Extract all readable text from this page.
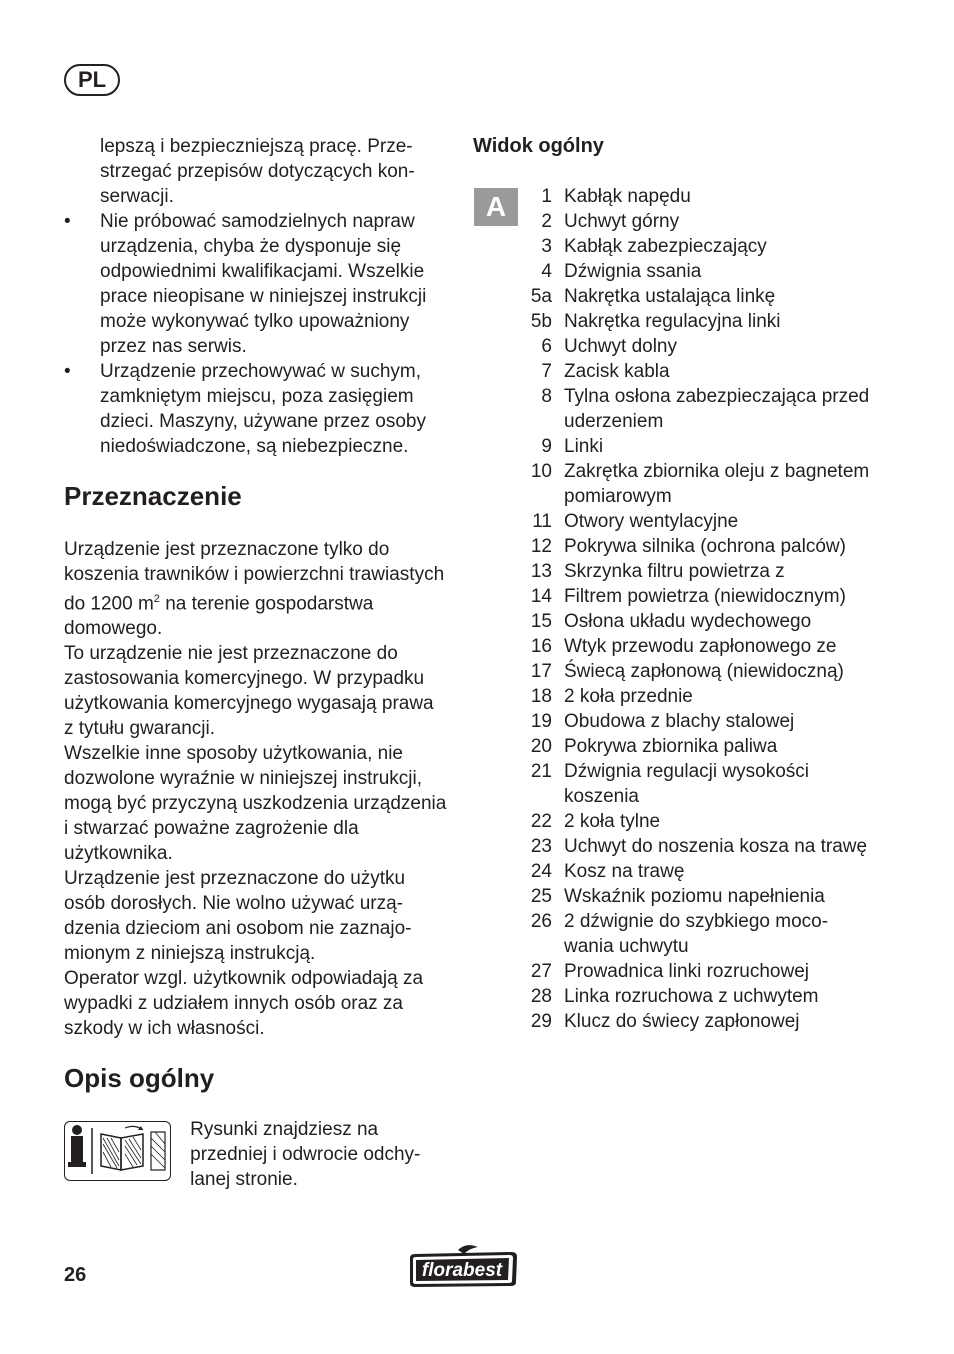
PL

lepszą i bezpieczniejszą pracę. Przestrzegać przepisów dotyczących konserwacji.

•	Nie próbować samodzielnych napraw urządzenia, chyba że dysponuje się odpowiednimi kwalifikacjami. Wszelkie prace nieopisane w niniejszej instrukcji może wykonywać tylko upoważniony przez nas serwis.
•	Urządzenie przechowywać w suchym, zamkniętym miejscu, poza zasięgiem dzieci. Maszyny, używane przez osoby niedoświadczone, są niebezpieczne.
Przeznaczenie

Urządzenie jest przeznaczone tylko do koszenia trawników i powierzchni trawiastych do 1200 $m^2$ na terenie gospodarstwa domowego.

To urządzenie nie jest przeznaczone do zastosowania komercyjnego. W przypadku użytkowania komercyjnego wygasają prawa z tytułu gwarancji.

Wszelkie inne sposoby użytkowania, nie dozwolone wyraźnie w niniejszej instrukcji, mogą być przyczyną uszkodzenia urządzenia i stwarzać poważne zagrożenie dla użytkownika.

Urządzenie jest przeznaczone do użytku osób dorosłych. Nie wolno używać urządzenia dzieciom ani osobom nie zaznajomionym z niniejszą instrukcją.

Operator wzgl. użytkownik odpowiadają za wypadki z udziałem innych osób oraz za szkody w ich własności.

Opis ogólny

Rysunki znajdziesz na przedniej i odwrocie odchylanej stronie.

Widok ogólny
A	1 Kabłąk napędu
2 Uchwyt górny
3 Kabłąk zabezpieczający
4 Dźwignia ssania
5a Nakrętka ustalająca linkę
5b Nakrętka regulacyjna linki
6 Uchwyt dolny
7 Zacisk kabla
8 Tylna osłona zabezpieczająca przed uderzeniem
9 Linki
10 Zakrętka zbiornika oleju z bagnetem pomiarowym
11 Otwory wentylacyjne
12 Pokrywa silnika (ochrona palców)
13 Skrzynka filtru powietrza z
14 Filtrem powietrza (niewidocznym)
15 Osłona układu wydechowego
16 Wtyk przewodu zapłonowego ze
17 Świecą zapłonową (niewidoczną)
18 2 koła przednie
19 Obudowa z blachy stalowej
20 Pokrywa zbiornika paliwa
21 Dźwignia regulacji wysokości koszenia
22 2 koła tylne
23 Uchwyt do noszenia kosza na trawę
24 Kosz na trawę
25 Wskaźnik poziomu napełnienia
26 2 dźwignie do szybkiego mocowania uchwytu
27 Prowadnica linki rozruchowej
28 Linka rozruchowa z uchwytem
29 Klucz do świecy zapłonowej
26	florabest
